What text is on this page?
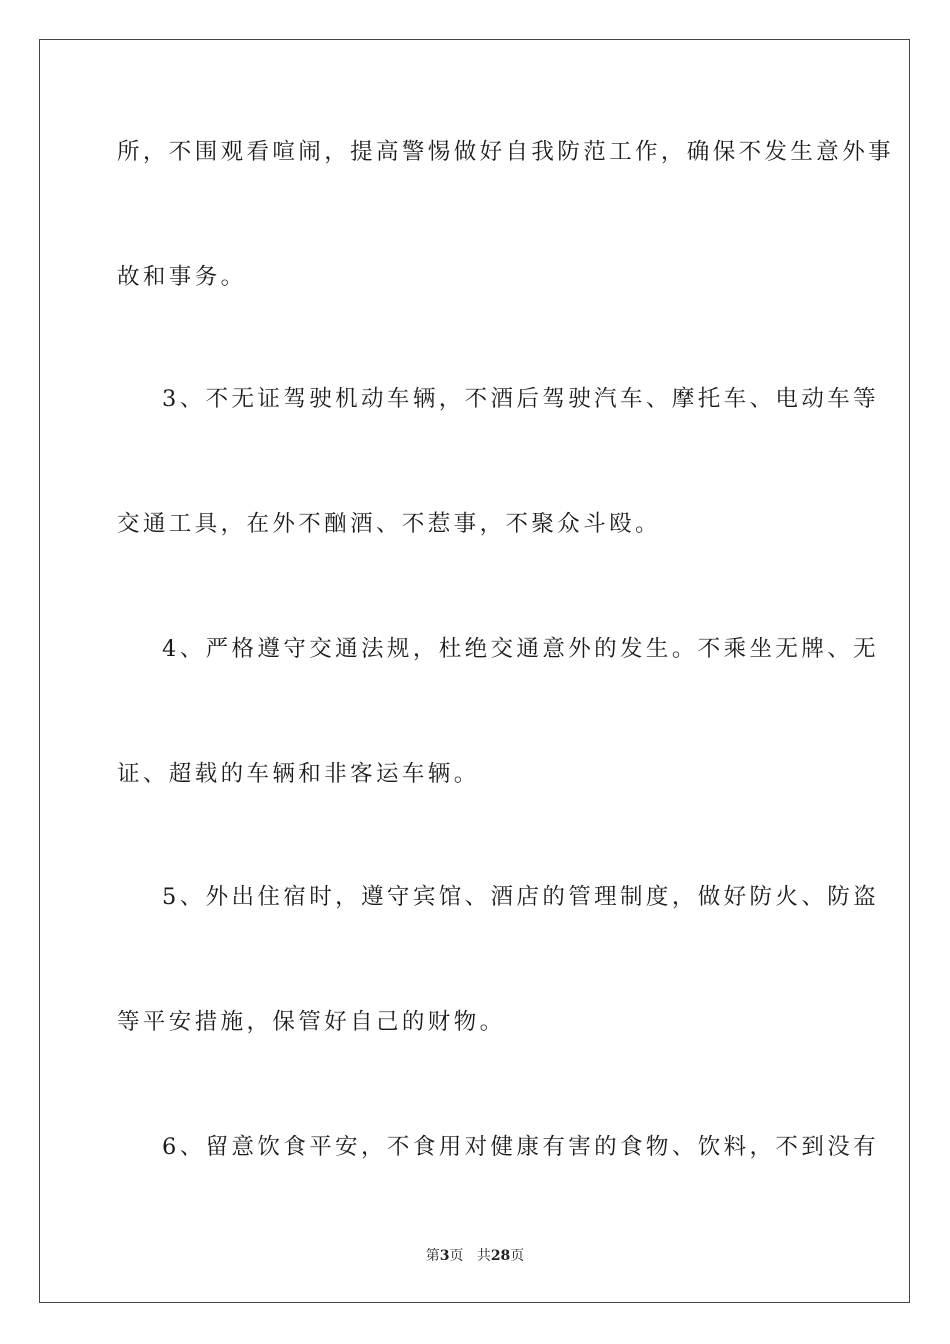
所，不围观看喧闹，提高警惕做好自我防范工作，确保不发生意外事
故和事务。
3、不无证驾驶机动车辆，不酒后驾驶汽车、摩托车、电动车等
交通工具，在外不酗酒、不惹事，不聚众斗殴。
4、严格遵守交通法规，杜绝交通意外的发生。不乘坐无牌、无
证、超载的车辆和非客运车辆。
5、外出住宿时，遵守宾馆、酒店的管理制度，做好防火、防盗
等平安措施，保管好自己的财物。
6、留意饮食平安，不食用对健康有害的食物、饮料，不到没有
第3页 共28页
